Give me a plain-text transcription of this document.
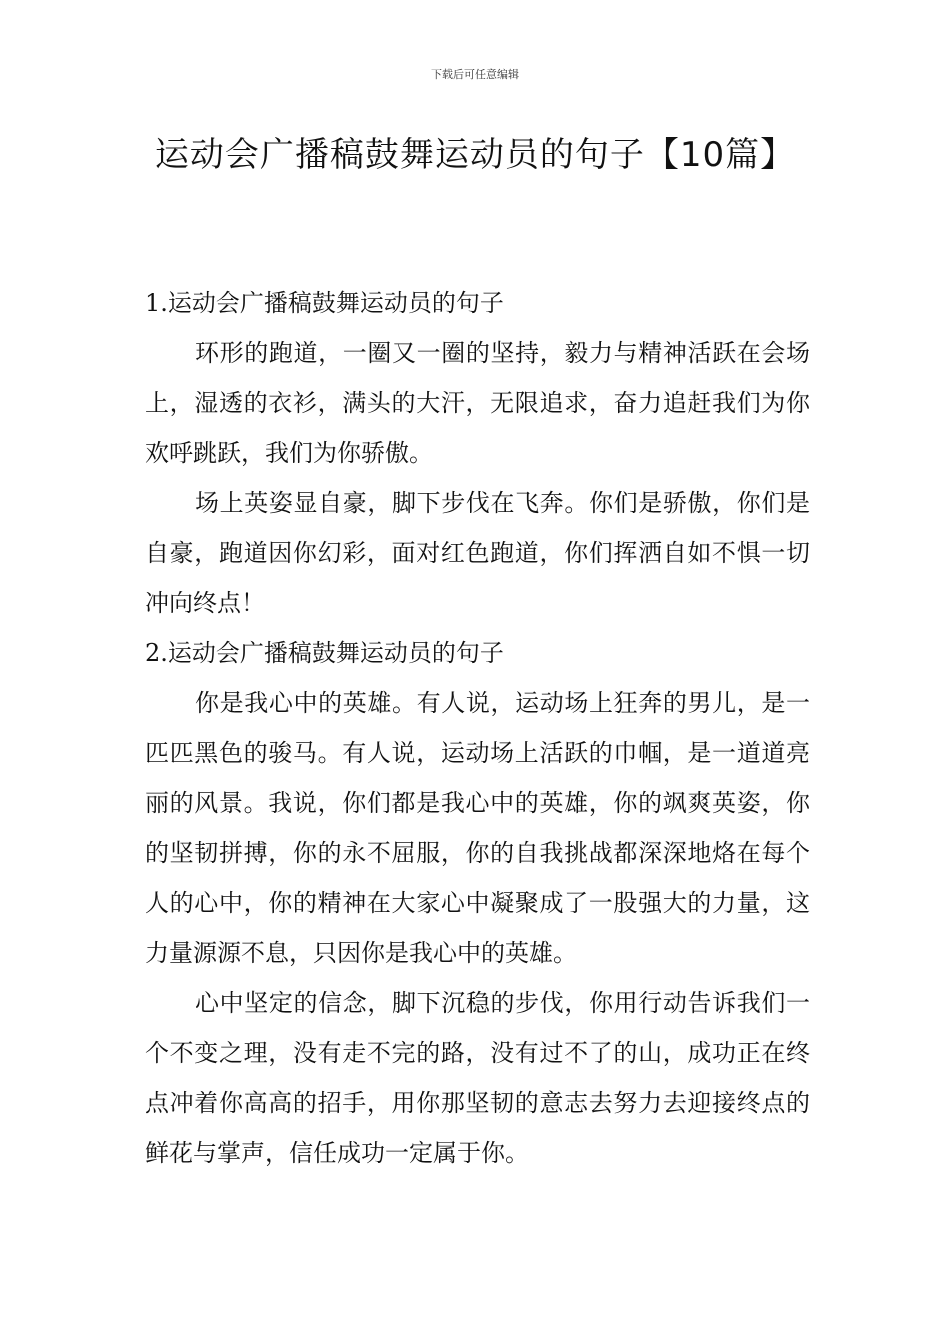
下载后可任意编辑
运动会广播稿鼓舞运动员的句子【10篇】
1.运动会广播稿鼓舞运动员的句子

环形的跑道，一圈又一圈的坚持，毅力与精神活跃在会场上，湿透的衣衫，满头的大汗，无限追求，奋力追赶我们为你欢呼跳跃，我们为你骄傲。

场上英姿显自豪，脚下步伐在飞奔。你们是骄傲，你们是自豪，跑道因你幻彩，面对红色跑道，你们挥洒自如不惧一切冲向终点！

2.运动会广播稿鼓舞运动员的句子

你是我心中的英雄。有人说，运动场上狂奔的男儿，是一匹匹黑色的骏马。有人说，运动场上活跃的巾帼，是一道道亮丽的风景。我说，你们都是我心中的英雄，你的飒爽英姿，你的坚韧拼搏，你的永不屈服，你的自我挑战都深深地烙在每个人的心中，你的精神在大家心中凝聚成了一股强大的力量，这力量源源不息，只因你是我心中的英雄。

心中坚定的信念，脚下沉稳的步伐，你用行动告诉我们一个不变之理，没有走不完的路，没有过不了的山，成功正在终点冲着你高高的招手，用你那坚韧的意志去努力去迎接终点的鲜花与掌声，信任成功一定属于你。
